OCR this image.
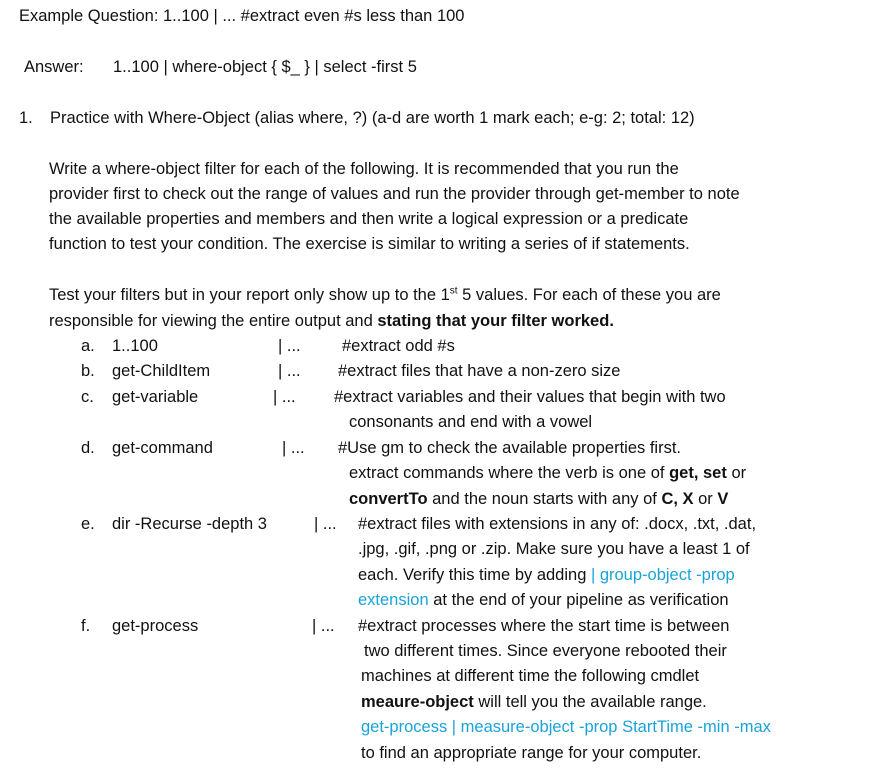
Example Question: 1..100 | ... #extract even #s less than 100
Answer: 1..100 | where-object { $_ } | select -first 5
1. Practice with Where-Object (alias where, ?) (a-d are worth 1 mark each; e-g: 2; total: 12)
Write a where-object filter for each of the following. It is recommended that you run the
provider first to check out the range of values and run the provider through get-member to note
the available properties and members and then write a logical expression or a predicate
function to test your condition. The exercise is similar to writing a series of if statements.
Test your filters but in your report only show up to the 1st 5 values. For each of these you are
responsible for viewing the entire output and stating that your filter worked.
a. 1..100	| ...	#extract odd #s
b. get-ChildItem	| ... #extract files that have a non-zero size
c. get-variable	| ... #extract variables and their values that begin with two
consonants and end with a vowel
d. get-command	| ... #Use gm to check the available properties first.
extract commands where the verb is one of get, set or
convertTo and the noun starts with any of C, X or V
e. dir -Recurse -depth 3	| ... #extract files with extensions in any of: .docx, .txt, .dat,
.jpg, .gif, .png or .zip. Make sure you have a least 1 of
each. Verify this time by adding | group-object -prop
extension at the end of your pipeline as verification
f. get-process	| ... #extract processes where the start time is between
two different times. Since everyone rebooted their
machines at different time the following cmdlet
meaure-object will tell you the available range.
get-process | measure-object -prop StartTime -min -max
to find an appropriate range for your computer.
